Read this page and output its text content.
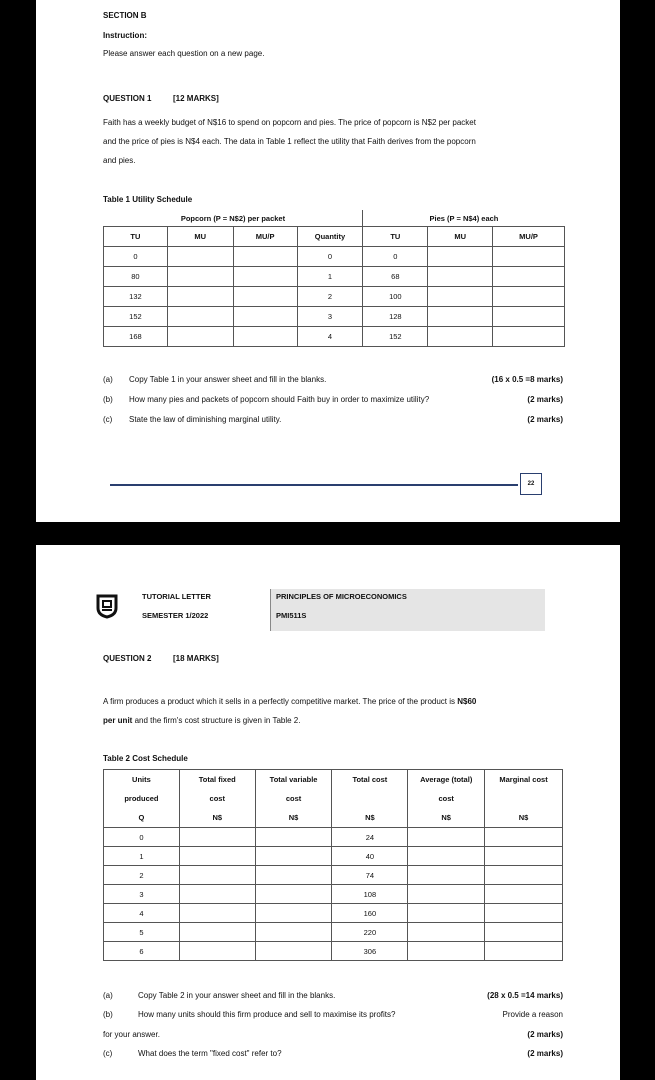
SECTION B
Instruction:
Please answer each question on a new page.
QUESTION 1	[12 MARKS]
Faith has a weekly budget of N$16 to spend on popcorn and pies. The price of popcorn is N$2 per packet
and the price of pies is N$4 each. The data in Table 1 reflect the utility that Faith derives from the popcorn
and pies.
Table 1 Utility Schedule
Popcorn (P = N$2) per packet				Pies (P = N$4) each		
TU	MU	MU/P	Quantity	TU	MU	MU/P
0			0	0		
80			1	68		
132			2	100		
152			3	128		
168			4	152		
(a) Copy Table 1 in your answer sheet and fill in the blanks.	(16 x 0.5 =8 marks)
(b) How many pies and packets of popcorn should Faith buy in order to maximize utility?	(2 marks)
(c) State the law of diminishing marginal utility.	(2 marks)
22
TUTORIAL LETTER
SEMESTER 1/2022
PRINCIPLES OF MICROECONOMICS
PMI511S
QUESTION 2	[18 MARKS]
A firm produces a product which it sells in a perfectly competitive market. The price of the product is N$60
per unit and the firm's cost structure is given in Table 2.
Table 2 Cost Schedule
Units	Total fixed	Total variable	Total cost	Average (total)	Marginal cost
produced	cost	cost		cost	
Q	N$	N$	N$	N$	N$
0			24		
1			40		
2			74		
3			108		
4			160		
5			220		
6			306		
(a)	Copy Table 2 in your answer sheet and fill in the blanks.	(28 x 0.5 =14 marks)
(b)	How many units should this firm produce and sell to maximise its profits?	Provide a reason
for your answer.	(2 marks)
(c)	What does the term "fixed cost" refer to?	(2 marks)
